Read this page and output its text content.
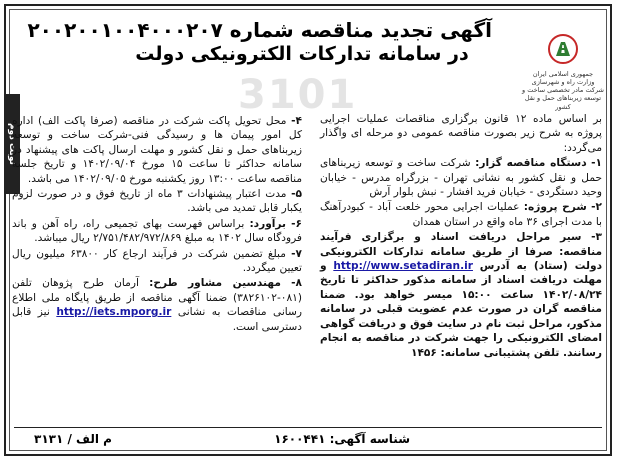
نوبت دوم
3101	جمهوری اسلامی ایران
وزارت راه و شهرسازی
شرکت مادر تخصصی ساخت و توسعه زیربناهای حمل و نقل کشور
آگهی تجدید مناقصه شماره ۲۰۰۲۰۰۱۰۰۴۰۰۰۲۰۷
در سامانه تدارکات الکترونیکی دولت

بر اساس ماده ۱۲ قانون برگزاری مناقصات عملیات اجرایی پروژه به شرح زیر بصورت مناقصه عمومی دو مرحله ای واگذار می‌گردد:

۱- دستگاه مناقصه گزار: شرکت ساخت و توسعه زیربناهای حمل و نقل کشور به نشانی تهران - بزرگراه مدرس - خیابان وحید دستگردی - خیابان فرید افشار - نبش بلوار آرش

۲- شرح پروژه: عملیات اجرایی محور خلعت آباد - کبودرآهنگ با مدت اجرای ۳۶ ماه واقع در استان همدان

۳- سیر مراحل دریافت اسناد و برگزاری فرآیند مناقصه: صرفا از طریق سامانه تدارکات الکترونیکی دولت (ستاد) به آدرس http://www.setadiran.ir و مهلت دریافت اسناد از سامانه مذکور حداکثر تا تاریخ ۱۴۰۲/۰۸/۲۴ ساعت ۱۵:۰۰ میسر خواهد بود. ضمنا مناقصه گران در صورت عدم عضویت قبلی در سامانه مذکور، مراحل ثبت نام در سایت فوق و دریافت گواهی امضای الکترونیکی را جهت شرکت در مناقصه به انجام رسانند. تلفن پشتیبانی سامانه: ۱۴۵۶

۴- محل تحویل پاکت شرکت در مناقصه (صرفا پاکت الف) اداره کل امور پیمان ها و رسیدگی فنی-شرکت ساخت و توسعه زیربناهای حمل و نقل کشور و مهلت ارسال پاکت های پیشنهاد در سامانه حداکثر تا ساعت ۱۵ مورخ ۱۴۰۲/۰۹/۰۴ و تاریخ جلسه مناقصه ساعت ۱۳:۰۰ روز یکشنبه مورخ ۱۴۰۲/۰۹/۰۵ می باشد.

۵- مدت اعتبار پیشنهادات ۳ ماه از تاریخ فوق و در صورت لزوم یکبار قابل تمدید می باشد.

۶- برآورد: براساس فهرست بهای تجمیعی راه، راه آهن و باند فرودگاه سال ۱۴۰۲ به مبلغ ۲/۷۵۱/۴۸۲/۹۷۲/۸۶۹ ریال میباشد.

۷- مبلغ تضمین شرکت در فرآیند ارجاع کار ۶۳۸۰۰ میلیون ریال تعیین میگردد.

۸- مهندسین مشاور طرح: آرمان طرح پژوهان تلفن (۰۸۱-۳۸۲۶۱۰۲) ضمنا آگهی مناقصه از طریق پایگاه ملی اطلاع رسانی مناقصات به نشانی http://iets.mporg.ir نیز قابل دسترسی است.

شناسه آگهی: ۱۶۰۰۴۴۱
م الف / ۳۱۳۱
